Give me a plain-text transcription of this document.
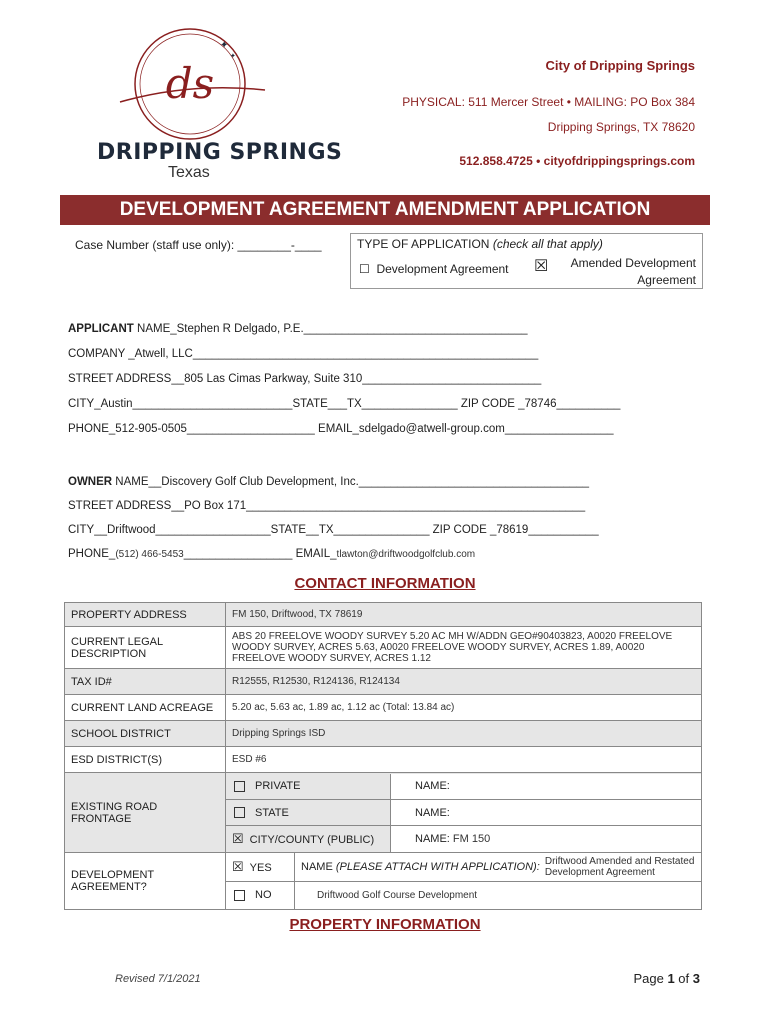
ds
✦
✦
DRIPPING SPRINGS
Texas
City of Dripping Springs
PHYSICAL: 511 Mercer Street • MAILING: PO Box 384
Dripping Springs, TX 78620
512.858.4725 • cityofdrippingsprings.com
DEVELOPMENT AGREEMENT AMENDMENT APPLICATION
Case Number (staff use only): ________-____	TYPE OF APPLICATION (check all that apply)
☐ Development Agreement ☒	Amended Development
Agreement
APPLICANT NAME_Stephen R Delgado, P.E.___________________________________
COMPANY _Atwell, LLC______________________________________________________
STREET ADDRESS__805 Las Cimas Parkway, Suite 310____________________________
CITY_Austin_________________________STATE___TX_______________ ZIP CODE _78746__________
PHONE_512-905-0505____________________ EMAIL_sdelgado@atwell-group.com_________________
OWNER NAME__Discovery Golf Club Development, Inc.____________________________________
STREET ADDRESS__PO Box 171_____________________________________________________
CITY__Driftwood__________________STATE__TX_______________ ZIP CODE _78619___________
PHONE_(512) 466-5453_________________ EMAIL_tlawton@driftwoodgolfclub.com
CONTACT INFORMATION
PROPERTY ADDRESS	FM 150, Driftwood, TX 78619

CURRENT LEGAL
DESCRIPTION
	ABS 20 FREELOVE WOODY SURVEY 5.20 AC MH W/ADDN GEO#90403823, A0020 FREELOVE WOODY SURVEY, ACRES 5.63, A0020 FREELOVE WOODY SURVEY, ACRES 1.89, A0020 FREELOVE WOODY SURVEY, ACRES 1.12
TAX ID#	R12555, R12530, R124136, R124134
CURRENT LAND ACREAGE	5.20 ac, 5.63 ac, 1.89 ac, 1.12 ac (Total: 13.84 ac)
SCHOOL DISTRICT	Dripping Springs ISD
ESD DISTRICT(S)	ESD #6
EXISTING ROAD FRONTAGE	
PRIVATE		NAME:
STATE		NAME:
☒ CITY/COUNTY (PUBLIC)		NAME: FM 150

DEVELOPMENT
AGREEMENT?

☒ YES	NAME (PLEASE ATTACH WITH APPLICATION): Driftwood Amended and Restated
Development Agreement
NO	Driftwood Golf Course Development
PROPERTY INFORMATION
Revised 7/1/2021	Page 1 of 3
